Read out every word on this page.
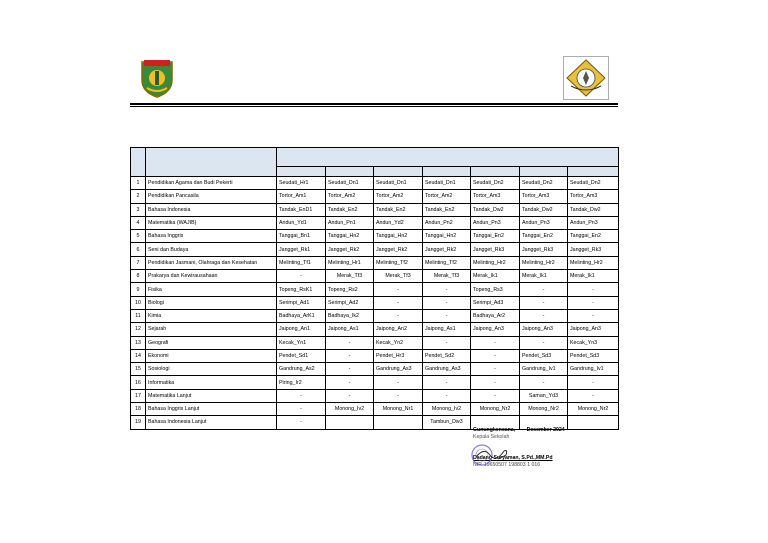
1	Pendidikan Agama dan Budi Pekerti	Seudati_Hr1	Seudati_Dn1	Seudati_Dn1	Seudati_Dn1	Seudati_Dn2	Seudati_Dn2	Seudati_Dn2
2	Pendidikan Pancasila	Tortor_Am1	Tortor_Am2	Tortor_Am2	Tortor_Am2	Tortor_Am3	Tortor_Am3	Tortor_Am3
3	Bahasa Indonesia	Tandak_EnD1	Tandak_En2	Tandak_En2	Tandak_En2	Tandak_Dw2	Tandak_Dw2	Tandak_Dw2
4	Matematika (WAJIB)	Andun_Yd1	Andun_Pn1	Andun_Yd2	Andun_Pn2	Andun_Pn3	Andun_Pn3	Andun_Pn3
5	Bahasa Inggris	Tanggai_Bn1	Tanggai_Hn2	Tanggai_Hn2	Tanggai_Hn2	Tanggai_En2	Tanggai_En2	Tanggai_En2
6	Seni dan Budaya	Jangget_Rk1	Jangget_Rk2	Jangget_Rk2	Jangget_Rk2	Jangget_Rk3	Jangget_Rk3	Jangget_Rk3
7	Pendidikan Jasmani, Olahraga dan Kesehatan	Melinting_Tf1	Melinting_Hr1	Melinting_Tf2	Melinting_Tf2	Melinting_Hr2	Melinting_Hr2	Melinting_Hr2
8	Prakarya dan Kewirausahaan	-	Merak_Tf3	Merak_Tf3	Merak_Tf3	Merak_Ik1	Merak_Ik1	Merak_Ik1
9	Fisika	Topeng_RsK1	Topeng_Rs2	-	-	Topeng_Rs3	-	-
10	Biologi	Serimpi_Ad1	Serimpi_Ad2	-	-	Serimpi_Ad3	-	-
11	Kimia	Badhaya_ArK1	Badhaya_Ik2	-	-	Badhaya_Ar2	-	-
12	Sejarah	Jaipong_An1	Jaipong_As1	Jaipong_An2	Jaipong_As1	Jaipong_An3	Jaipong_An3	Jaipong_An3
13	Geografi	Kecak_Yn1	-	Kecak_Yn2	-	-	-	Kecak_Yn3
14	Ekonomi	Pendet_Sd1	-	Pendet_Hr3	Pendet_Sd2	-	Pendet_Sd3	Pendet_Sd3
15	Sosiologi	Gandrung_As2	-	Gandrung_As3	Gandrung_As3	-	Gandrung_Iv1	Gandrung_Iv1
16	Informatika	Piring_Ir2	-	-	-	-	-	-
17	Matematika Lanjut	-	-	-	-	-	Saman_Yd3	-
18	Bahasa Inggris Lanjut	-	Monong_Iv2	Monong_Nr1	Monong_Iv2	Monong_Nr2	Monong_Nr2	Monong_Nr2
19	Bahasa Indonesia Lanjut	-			Tambun_Dw3			
Gunungkencana, Desember 2024
Kepala Sekolah
Dadang Suryaman, S.Pd.,MM.Pd
NIP. 19650507 198803 1 016
